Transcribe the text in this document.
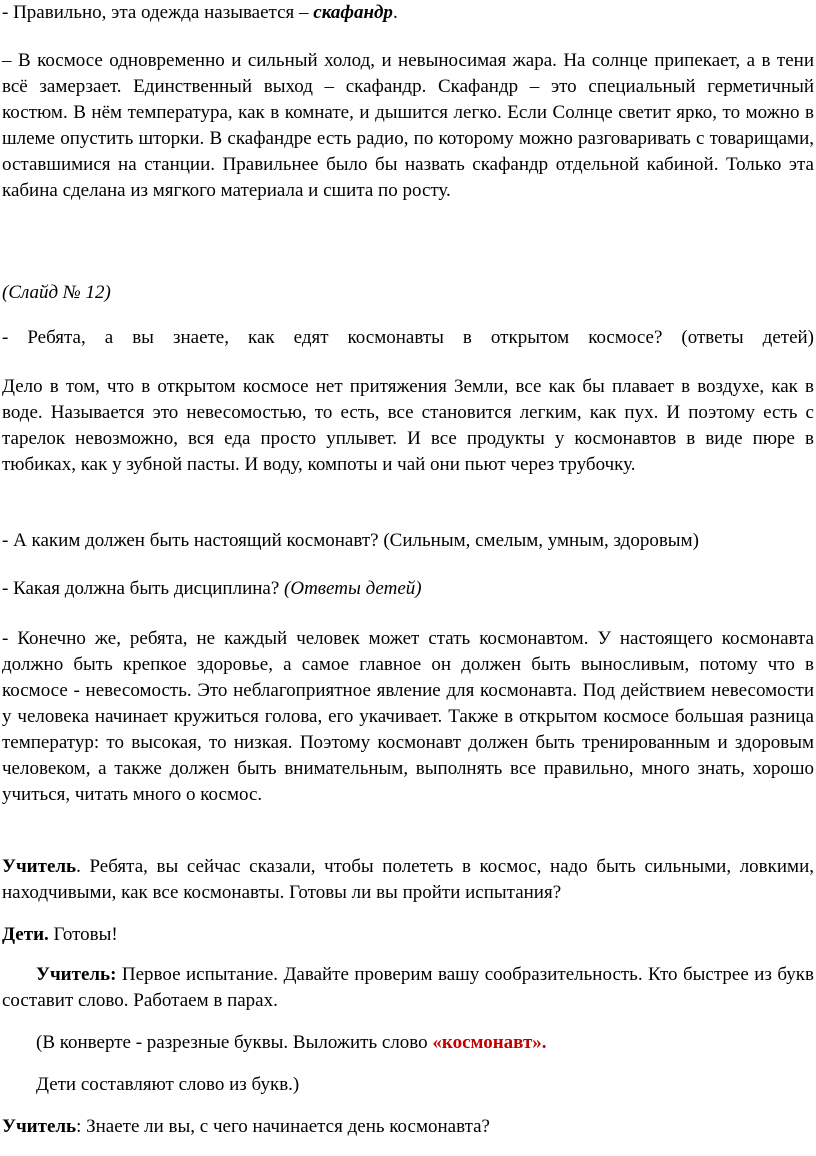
- Правильно, эта одежда называется – скафандр.

– В космосе одновременно и сильный холод, и невыносимая жара. На солнце припекает, а в тени всё замерзает. Единственный выход – скафандр. Скафандр – это специальный герметичный костюм. В нём температура, как в комнате, и дышится легко. Если Солнце светит ярко, то можно в шлеме опустить шторки. В скафандре есть радио, по которому можно разговаривать с товарищами, оставшимися на станции. Правильнее было бы назвать скафандр отдельной кабиной. Только эта кабина сделана из мягкого материала и сшита по росту.

(Слайд № 12)

- Ребята, а вы знаете, как едят космонавты в открытом космосе? (ответы детей)

Дело в том, что в открытом космосе нет притяжения Земли, все как бы плавает в воздухе, как в воде. Называется это невесомостью, то есть, все становится легким, как пух. И поэтому есть с тарелок невозможно, вся еда просто уплывет. И все продукты у космонавтов в виде пюре в тюбиках, как у зубной пасты. И воду, компоты и чай они пьют через трубочку.

- А каким должен быть настоящий космонавт? (Сильным, смелым, умным, здоровым)

- Какая должна быть дисциплина? (Ответы детей)

- Конечно же, ребята, не каждый человек может стать космонавтом. У настоящего космонавта должно быть крепкое здоровье, а самое главное он должен быть выносливым, потому что в космосе - невесомость. Это неблагоприятное явление для космонавта. Под действием невесомости у человека начинает кружиться голова, его укачивает. Также в открытом космосе большая разница температур: то высокая, то низкая. Поэтому космонавт должен быть тренированным и здоровым человеком, а также должен быть внимательным, выполнять все правильно, много знать, хорошо учиться, читать много о космос.

Учитель. Ребята, вы сейчас сказали, чтобы полететь в космос, надо быть сильными, ловкими, находчивыми, как все космонавты. Готовы ли вы пройти испытания?

Дети. Готовы!

Учитель: Первое испытание. Давайте проверим вашу сообразительность. Кто быстрее из букв составит слово. Работаем в парах.

(В конверте - разрезные буквы. Выложить слово «космонавт».

Дети составляют слово из букв.)

Учитель: Знаете ли вы, с чего начинается день космонавта?
